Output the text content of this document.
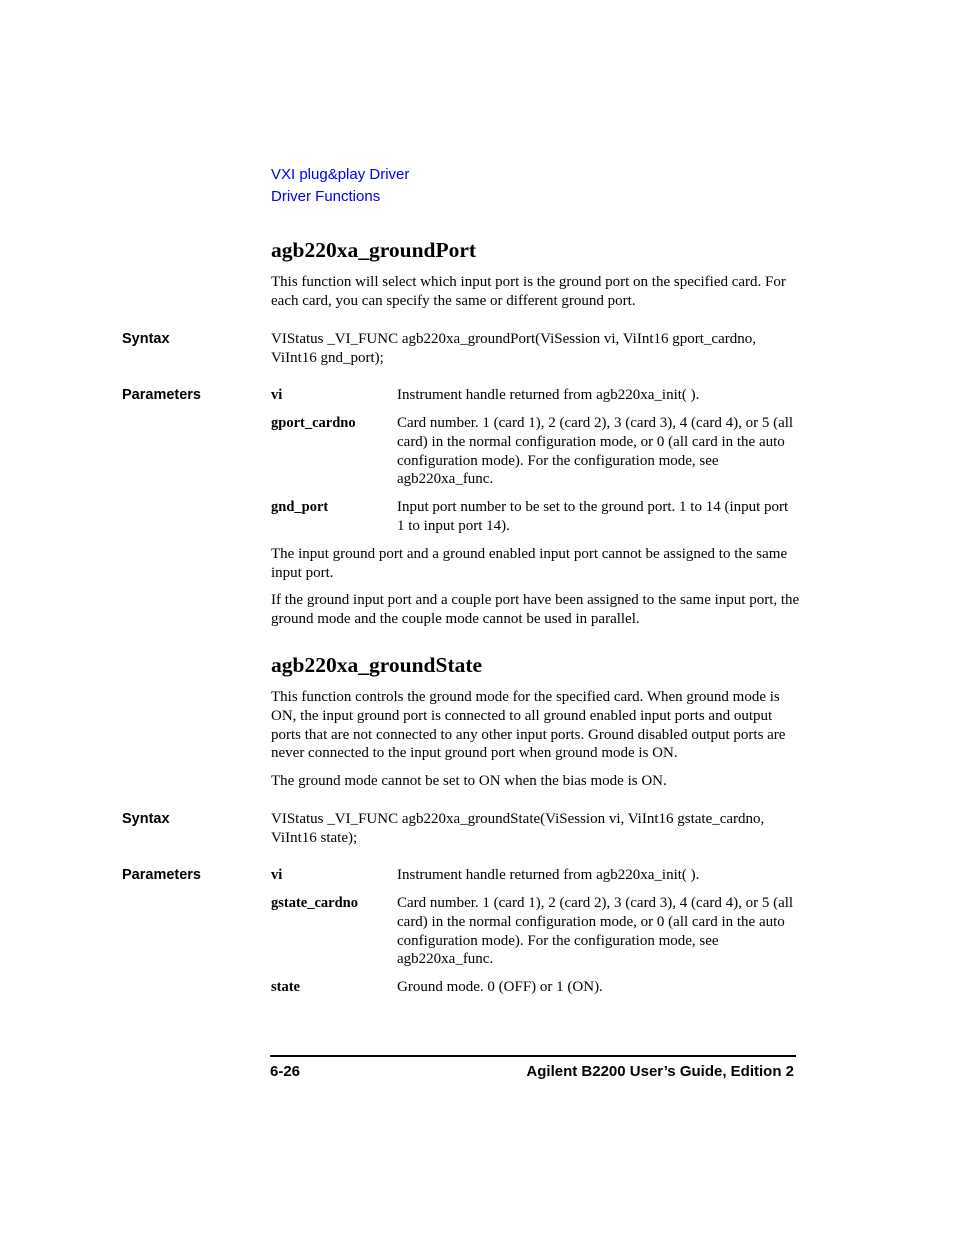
VXI plug&play Driver
Driver Functions
agb220xa_groundPort
This function will select which input port is the ground port on the specified card. For each card, you can specify the same or different ground port.
Syntax	VIStatus _VI_FUNC agb220xa_groundPort(ViSession vi, ViInt16 gport_cardno,
ViInt16 gnd_port);
Parameters	vi	Instrument handle returned from agb220xa_init( ).
gport_cardno	Card number. 1 (card 1), 2 (card 2), 3 (card 3), 4 (card 4), or 5 (all card) in the normal configuration mode, or 0 (all card in the auto configuration mode). For the configuration mode, see agb220xa_func.
gnd_port	Input port number to be set to the ground port. 1 to 14 (input port 1 to input port 14).
The input ground port and a ground enabled input port cannot be assigned to the same input port.
If the ground input port and a couple port have been assigned to the same input port, the ground mode and the couple mode cannot be used in parallel.
agb220xa_groundState
This function controls the ground mode for the specified card. When ground mode is ON, the input ground port is connected to all ground enabled input ports and output ports that are not connected to any other input ports. Ground disabled output ports are never connected to the input ground port when ground mode is ON.
The ground mode cannot be set to ON when the bias mode is ON.
Syntax	VIStatus _VI_FUNC agb220xa_groundState(ViSession vi, ViInt16 gstate_cardno,
ViInt16 state);
Parameters	vi	Instrument handle returned from agb220xa_init( ).
gstate_cardno	Card number. 1 (card 1), 2 (card 2), 3 (card 3), 4 (card 4), or 5 (all card) in the normal configuration mode, or 0 (all card in the auto configuration mode). For the configuration mode, see agb220xa_func.
state	Ground mode. 0 (OFF) or 1 (ON).
6-26	Agilent B2200 User’s Guide, Edition 2
